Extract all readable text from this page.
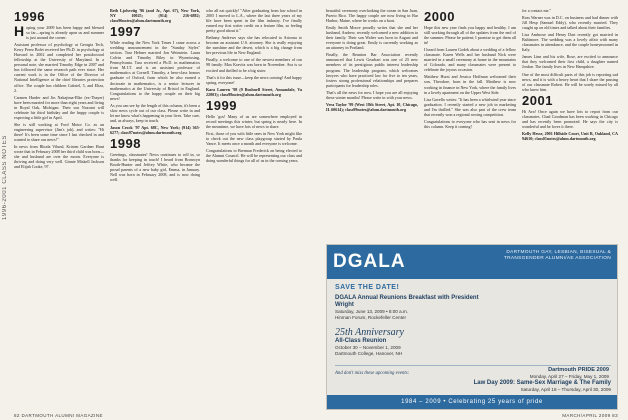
1996-2001 CLASS NOTES
1996

Hoping your 2009 has been happy and blessed so far—spring is already upon us and summer is just around the corner.

Assistant professor of psychology at Georgia Tech, Kerry Perez Bolet received her Ph.D. in psychology at Harvard in 2002 and completed her postdoctoral fellowship at the University of Maryland. In a personal note, she married Timothy Edge in 2007 and has followed the same research path ever since. Her current work is in the Office of the Director of National Intelligence at the chief libraries protection office. The couple has children Gabriel, 5, and Eliza, 2.

Carmen Harder and Jin Nakajima-Elke (ex-Thayer) have been married for more than eight years and living in Royal Oak, Michigan. Their son Nozomi will celebrate his third birthday and the happy couple is expecting a little girl in April.

She is still working at Ford Motor Co. as an engineering supervisor (Jim's job), and writes: "Hi there! It's been some time since I last checked in and wanted to share our news!"

In news from Rhoda Vilund, Kristen Gardner Hunt wrote that in February 2008 her third child was born—she and husband are over the moon. Everyone is thriving and doing very well. Ginnie Miskell Jackson and Elijah Cooke, 97.

Beth Ljolsveiig '96 (and Jr., Apt. 67), New York, NY 10025; (914) 216-6882; class96notes@alum.dartmouth.org

1997

While reading the New York Times I came across a wedding announcement in the "Sunday Styles" section. Tara Hebner married Jon Weinstein. Laura Colvin and Timothy Riley in Wyomissing, Pennsylvania. Tara received a Ph.D. in mathematics from M.I.T. and is an assistant professor of mathematics at Cornell. Timothy, a hero-class honors graduate of Oxford, from which he also earned a doctorate in mathematics, is a senior lecturer in mathematics at the University of Bristol in England. Congratulations to the happy couple on their big news!

As you can see by the length of this column, it's been a slow news cycle out of our class. Please write in and let me know what's happening in your lives. Take care, and, as always, keep in touch.

Jason Crock '97 Apt. 68C, New York; (914) 365-6277; class97notes@alum.dartmouth.org

1998

Greetings, classmates! News continues to roll in, so thanks for keeping in touch! I heard from Bronwyn Booth-Hunter and Jeffrey White, who became the proud parents of a new baby girl, Emma, in January. Nell was born in February 2008, and is now doing well.

who all eat quickly! "After graduating from law school in 2005 I moved to L.A., where the last three years of my life have been spent in the film industry. I've finally earned my first writer credit on a feature film, so feeling pretty good about it."

Bethany Andrews says she has relocated to Arizona to become an assistant U.S. attorney. She is really enjoying the sunshine and the desert, which is a big change from her previous life in New England.

Finally, a welcome to one of the newest members of our 98 family: Max Kravitz was born in November. Ava is so excited and thrilled to be a big sister.

That's it for this issue—keep the news coming! And happy spring, everyone!

Kara Lauren '98 (9 Bushnell Street, Annandale, Va 22003); class98notes@alum.dartmouth.org

1999

Hello 'gos! Many of us are somewhere employed in record meetings this winter, but spring is nearly here. In the meantime, we have lots of news to share.

First, those of you with little ones in New York might like to check out the new class playgroup started by Paula Vance. It meets once a month and everyone is welcome.

Congratulations to Brennan Frederick on being elected to the Alumni Council. He will be representing our class and doing wonderful things for all of us in the coming years.

beautiful ceremony overlooking the ocean in San Juan, Puerto Rico. The happy couple are now living in Bar Harbor, Maine, where he works on a boat.

Emily Smith Moore proudly writes that she and her husband, Andrew, recently welcomed a new addition to their family. Their son Walter was born in August and everyone is doing great. Emily is currently working as an attorney in Portland.

Finally, the Reunion Bar Association recently announced that Lewis Gearhart was one of 25 new members of its prestigious public interest leadership program. The leadership program, which welcomes lawyers who have practiced law for five to ten years, fosters strong professional relationships and prepares participants for leadership roles.

That's all the news for now. I hope you are all enjoying these winter months! Please write in with your news.

Vera Taylor '99 (West 18th Street, Apt. 10, Chicago, IL 60614); class99notes@alum.dartmouth.org

2000

Hope this new year finds you happy and healthy. I am still working through all of the updates from the end of the summer. Please be patient; I promise to get them all in!

I heard from Lauren Godek about a wedding of a fellow classmate. Karen Wells and her husband Nick were married in a small ceremony at home in the mountains of Colorado, and many classmates were present to celebrate the joyous occasion.

Matthew Hurst and Jessica Hoffman welcomed their son, Theodore, born in the fall. Matthew is now working in finance in New York, where the family lives in a lovely apartment on the Upper West Side.

Lisa Gavello writes: "It has been a whirlwind year since graduation. I recently started a new job in marketing and I'm thrilled." She was also part of the crew team that recently won a regional rowing competition.

Congratulations to everyone who has sent in news for this column. Keep it coming!

for a contact me."

Ross Warner was in D.C. on business and had dinner with Jill Hesp (Samuel Eddy), who recently married. They caught up on old times and talked about their families.

Lisa Ambrose and Henry Dart recently got married in Baltimore. The wedding was a lovely affair with many classmates in attendance, and the couple honeymooned in Italy.

James Linn and his wife, Rose, are excited to announce that they welcomed their first child, a daughter named Jordan. The family lives in New Hampshire.

One of the most difficult parts of this job is reporting sad news, and it is with a heavy heart that I share the passing of our classmate Robert. He will be sorely missed by all who knew him.

2001

Hi Ava! Once again we have lots to report from our classmates. Chad Goodman has been working in Chicago and has recently been promoted. He says the city is wonderful and he loves it there.

Kelly Hesse, 2001 Hillside Court, Unit B, Oakland, CA 94610; class01notes@alum.dartmouth.org

DGALA	DARTMOUTH GAY, LESBIAN, BISEXUAL & TRANSGENDER ALUMNI/AE ASSOCIATION
SAVE THE DATE!
DGALA Annual Reunions Breakfast with President Wright
Saturday, June 13, 2009 • 8:00 a.m.
Hinman Forum, Rockefeller Center
25th Anniversary
All-Class Reunion
October 30 – November 1, 2009
Dartmouth College, Hanover, NH
And don't miss these upcoming events:
Dartmouth PRIDE 2009
Monday, April 27 – Friday, May 1, 2009
Law Day 2009: Same-Sex Marriage & The Family
Saturday, April 18 – Thursday, April 30, 2009
1984 – 2009 • Celebrating 25 years of pride
82 DARTMOUTH ALUMNI MAGAZINE	MARCH/APRIL 2009 83
